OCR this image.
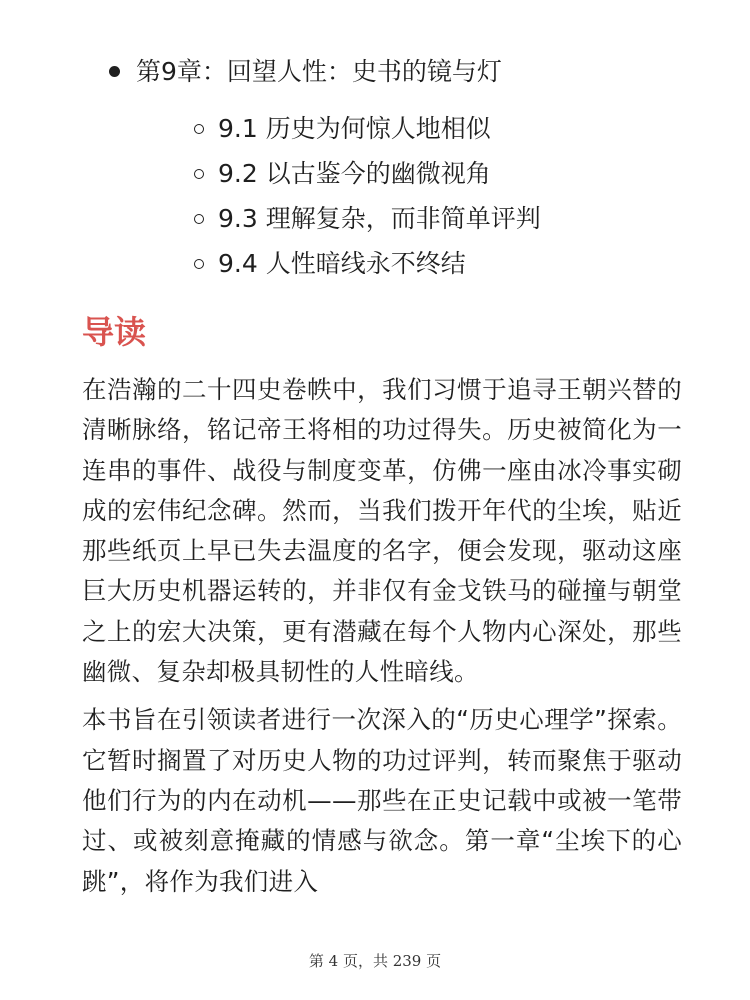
第9章：回望人性：史书的镜与灯
9.1 历史为何惊人地相似
9.2 以古鉴今的幽微视角
9.3 理解复杂，而非简单评判
9.4 人性暗线永不终结
导读

在浩瀚的二十四史卷帙中，我们习惯于追寻王朝兴替的清晰脉络，铭记帝王将相的功过得失。历史被简化为一连串的事件、战役与制度变革，仿佛一座由冰冷事实砌成的宏伟纪念碑。然而，当我们拨开年代的尘埃，贴近那些纸页上早已失去温度的名字，便会发现，驱动这座巨大历史机器运转的，并非仅有金戈铁马的碰撞与朝堂之上的宏大决策，更有潜藏在每个人物内心深处，那些幽微、复杂却极具韧性的人性暗线。

本书旨在引领读者进行一次深入的“历史心理学”探索。它暂时搁置了对历史人物的功过评判，转而聚焦于驱动他们行为的内在动机——那些在正史记载中或被一笔带过、或被刻意掩藏的情感与欲念。第一章“尘埃下的心跳”，将作为我们进入

第 4 页，共 239 页
